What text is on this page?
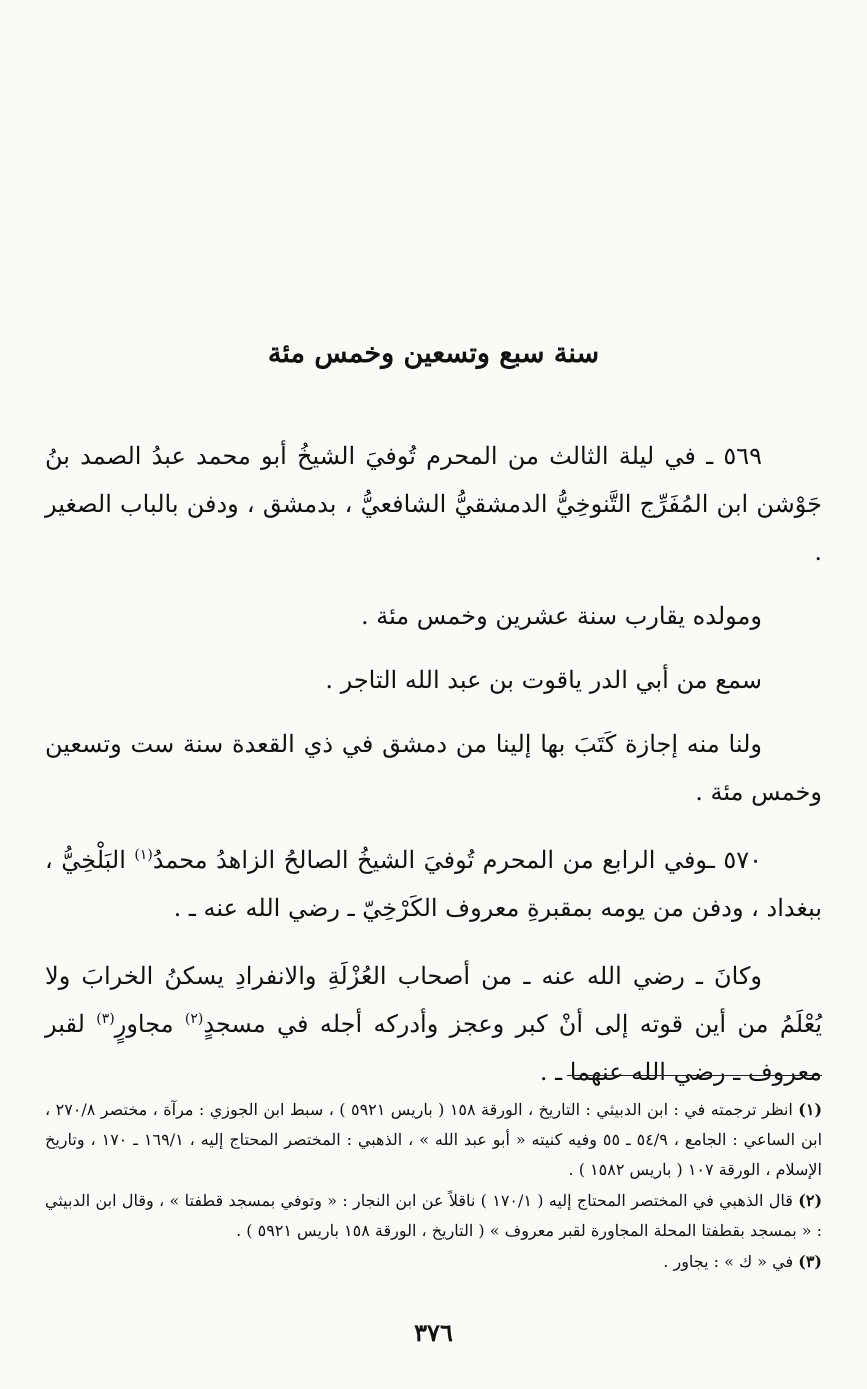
سنة سبع وتسعين وخمس مئة

٥٦٩ ـ في ليلة الثالث من المحرم تُوفيَ الشيخُ أبو محمد عبدُ الصمد بنُ جَوْشن ابن المُفَرِّج التَّنوخِيُّ الدمشقيُّ الشافعيُّ ، بدمشق ، ودفن بالباب الصغير .

ومولده يقارب سنة عشرين وخمس مئة .

سمع من أبي الدر ياقوت بن عبد الله التاجر .

ولنا منه إجازة كَتَبَ بها إلينا من دمشق في ذي القعدة سنة ست وتسعين وخمس مئة .

٥٧٠ ـوفي الرابع من المحرم تُوفيَ الشيخُ الصالحُ الزاهدُ محمدُ$^{(١)}$ البَلْخِيُّ ، ببغداد ، ودفن من يومه بمقبرةِ معروف الكَرْخِيّ ـ رضي الله عنه ـ .

وكانَ ـ رضي الله عنه ـ من أصحاب العُزْلَةِ والانفرادِ يسكنُ الخرابَ ولا يُعْلَمُ من أين قوته إلى أنْ كبر وعجز وأدركه أجله في مسجدٍ$^{(٢)}$ مجاورٍ$^{(٣)}$ لقبر معروف ـ رضي الله عنهما ـ .

(١) انظر ترجمته في : ابن الدبيثي : التاريخ ، الورقة ١٥٨ ( باريس ٥٩٢١ ) ، سبط ابن الجوزي : مرآة ، مختصر ٢٧٠/٨ ، ابن الساعي : الجامع ، ٥٤/٩ ـ ٥٥ وفيه كنيته « أبو عبد الله » ، الذهبي : المختصر المحتاج إليه ، ١٦٩/١ ـ ١٧٠ ، وتاريخ الإسلام ، الورقة ١٠٧ ( باريس ١٥٨٢ ) .

(٢) قال الذهبي في المختصر المحتاج إليه ( ١٧٠/١ ) ناقلاً عن ابن النجار : « وتوفي بمسجد قطفتا » ، وقال ابن الدبيثي : « بمسجد بقطفتا المحلة المجاورة لقبر معروف » ( التاريخ ، الورقة ١٥٨ باريس ٥٩٢١ ) .

(٣) في « ك » : يجاور .

٣٧٦
